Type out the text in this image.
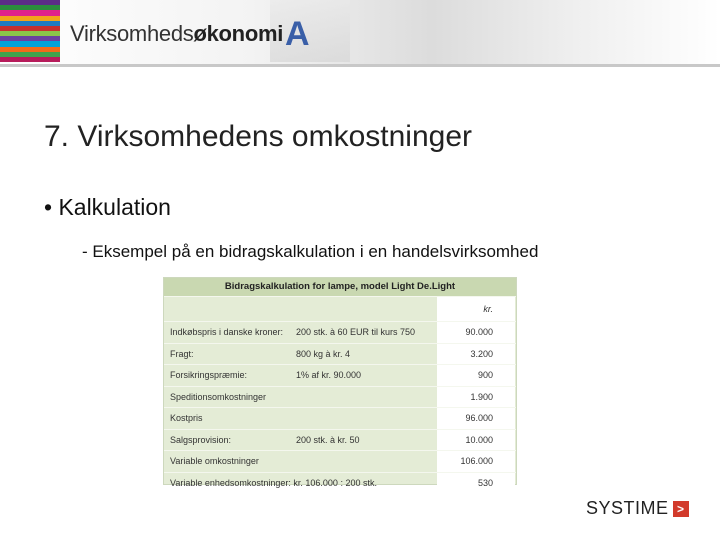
Virksomhedsøkonomi A
7. Virksomhedens omkostninger
• Kalkulation
- Eksempel på en bidragskalkulation i en handelsvirksomhed
Bidragskalkulation for lampe, model Light De.Light
kr.
Indkøbspris i danske kroner: 200 stk. à 60 EUR til kurs 750	90.000
Fragt:	800 kg à kr. 4	3.200
Forsikringspræmie:	1% af kr. 90.000	900
Speditionsomkostninger	1.900
Kostpris	96.000
Salgsprovision:	200 stk. à kr. 50	10.000
Variable omkostninger	106.000
Variable enhedsomkostninger: kr. 106.000 : 200 stk.	530
SYSTIME >
